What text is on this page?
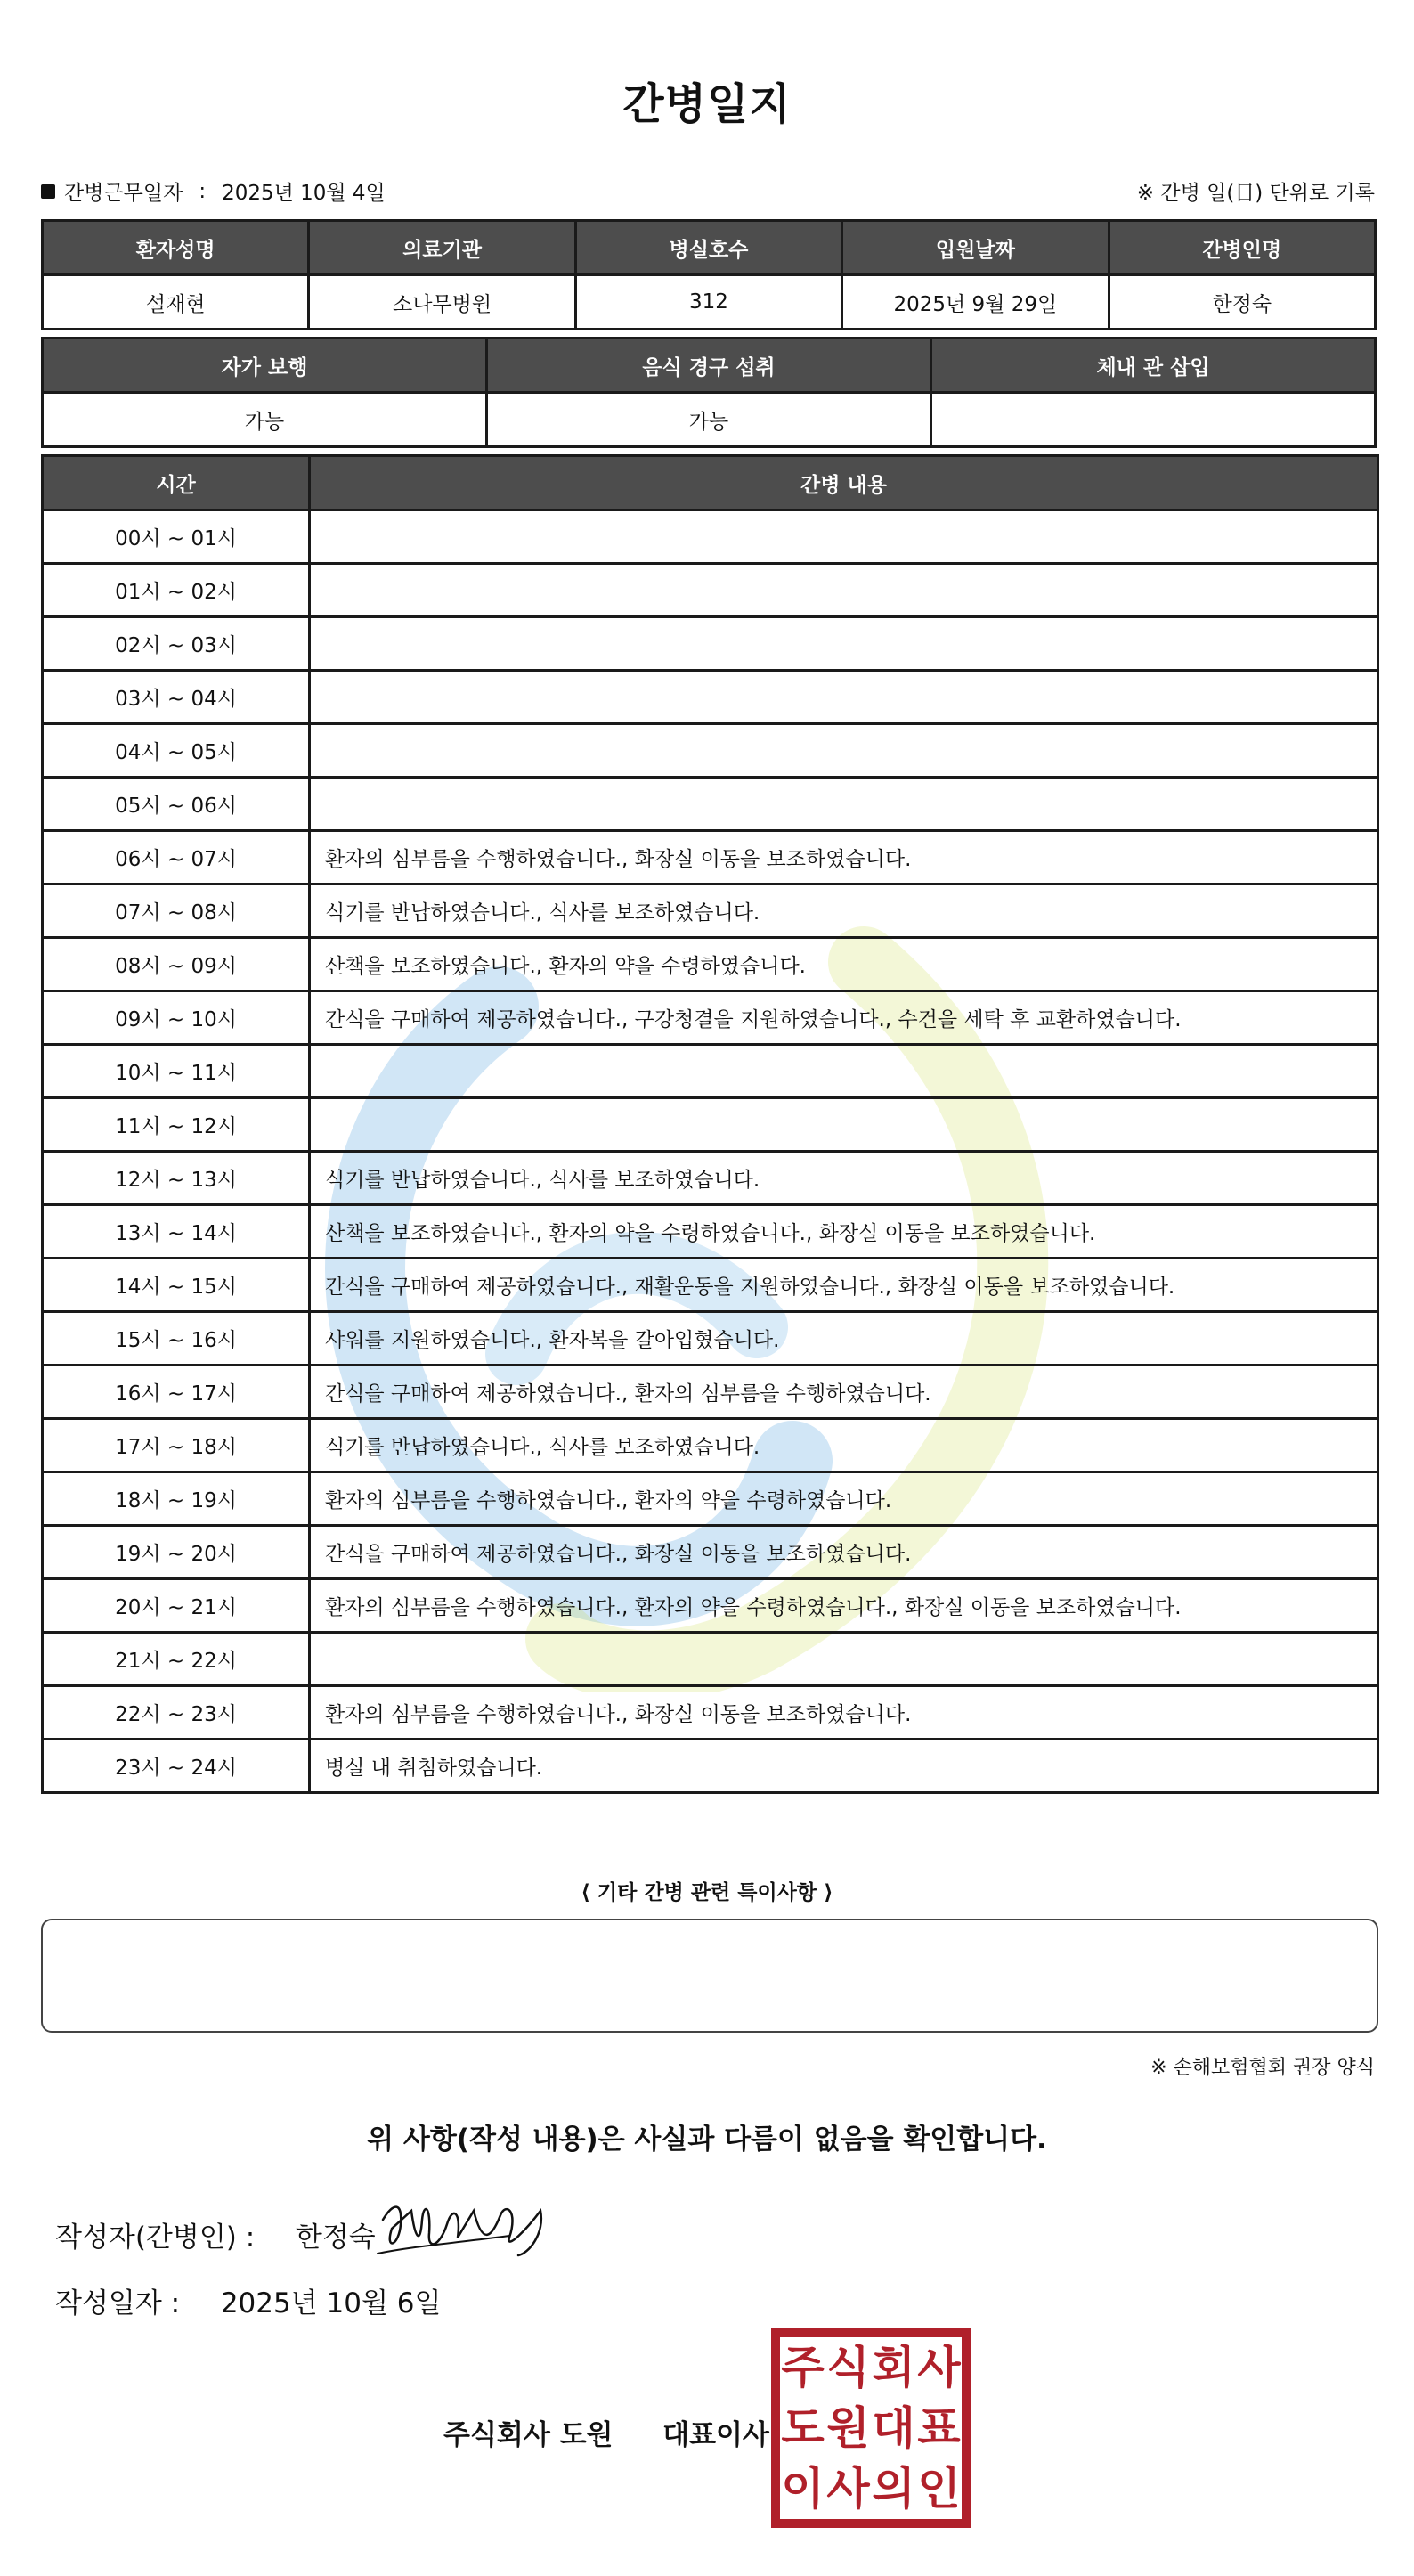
간병일지
간병근무일자 : 2025년 10월 4일	※ 간병 일(日) 단위로 기록
환자성명	의료기관	병실호수	입원날짜	간병인명
설재현	소나무병원	312	2025년 9월 29일	한정숙
자가 보행	음식 경구 섭취	체내 관 삽입
가능	가능	
시간	간병 내용
00시 ~ 01시	
01시 ~ 02시	
02시 ~ 03시	
03시 ~ 04시	
04시 ~ 05시	
05시 ~ 06시	
06시 ~ 07시	환자의 심부름을 수행하였습니다., 화장실 이동을 보조하였습니다.
07시 ~ 08시	식기를 반납하였습니다., 식사를 보조하였습니다.
08시 ~ 09시	산책을 보조하였습니다., 환자의 약을 수령하였습니다.
09시 ~ 10시	간식을 구매하여 제공하였습니다., 구강청결을 지원하였습니다., 수건을 세탁 후 교환하였습니다.
10시 ~ 11시	
11시 ~ 12시	
12시 ~ 13시	식기를 반납하였습니다., 식사를 보조하였습니다.
13시 ~ 14시	산책을 보조하였습니다., 환자의 약을 수령하였습니다., 화장실 이동을 보조하였습니다.
14시 ~ 15시	간식을 구매하여 제공하였습니다., 재활운동을 지원하였습니다., 화장실 이동을 보조하였습니다.
15시 ~ 16시	샤워를 지원하였습니다., 환자복을 갈아입혔습니다.
16시 ~ 17시	간식을 구매하여 제공하였습니다., 환자의 심부름을 수행하였습니다.
17시 ~ 18시	식기를 반납하였습니다., 식사를 보조하였습니다.
18시 ~ 19시	환자의 심부름을 수행하였습니다., 환자의 약을 수령하였습니다.
19시 ~ 20시	간식을 구매하여 제공하였습니다., 화장실 이동을 보조하였습니다.
20시 ~ 21시	환자의 심부름을 수행하였습니다., 환자의 약을 수령하였습니다., 화장실 이동을 보조하였습니다.
21시 ~ 22시	
22시 ~ 23시	환자의 심부름을 수행하였습니다., 화장실 이동을 보조하였습니다.
23시 ~ 24시	병실 내 취침하였습니다.
⟨ 기타 간병 관련 특이사항 ⟩
※ 손해보험협회 권장 양식
위 사항(작성 내용)은 사실과 다름이 없음을 확인합니다.
작성자(간병인) : 한정숙
작성일자 : 2025년 10월 6일
주식회사 도원 대표이사
주 식 회 사
도 원 대 표
이 사 의 인
